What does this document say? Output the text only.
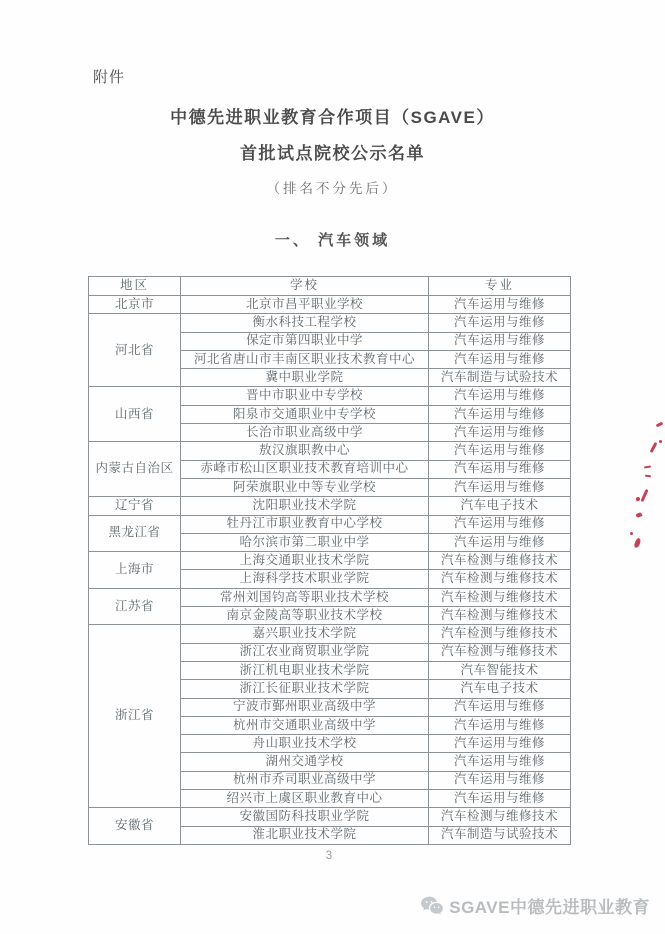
附件
中德先进职业教育合作项目（SGAVE）
首批试点院校公示名单
（排名不分先后）
一、 汽车领域
地区	学校	专业
北京市	北京市昌平职业学校	汽车运用与维修
河北省	衡水科技工程学校	汽车运用与维修
	保定市第四职业中学	汽车运用与维修
	河北省唐山市丰南区职业技术教育中心	汽车运用与维修
	冀中职业学院	汽车制造与试验技术
山西省	晋中市职业中专学校	汽车运用与维修
	阳泉市交通职业中专学校	汽车运用与维修
	长治市职业高级中学	汽车运用与维修
内蒙古自治区	敖汉旗职教中心	汽车运用与维修
	赤峰市松山区职业技术教育培训中心	汽车运用与维修
	阿荣旗职业中等专业学校	汽车运用与维修
辽宁省	沈阳职业技术学院	汽车电子技术
黑龙江省	牡丹江市职业教育中心学校	汽车运用与维修
	哈尔滨市第二职业中学	汽车运用与维修
上海市	上海交通职业技术学院	汽车检测与维修技术
	上海科学技术职业学院	汽车检测与维修技术
江苏省	常州刘国钧高等职业技术学校	汽车检测与维修技术
	南京金陵高等职业技术学校	汽车检测与维修技术
浙江省	嘉兴职业技术学院	汽车检测与维修技术
	浙江农业商贸职业学院	汽车检测与维修技术
	浙江机电职业技术学院	汽车智能技术
	浙江长征职业技术学院	汽车电子技术
	宁波市鄞州职业高级中学	汽车运用与维修
	杭州市交通职业高级中学	汽车运用与维修
	舟山职业技术学校	汽车运用与维修
	湖州交通学校	汽车运用与维修
	杭州市乔司职业高级中学	汽车运用与维修
	绍兴市上虞区职业教育中心	汽车运用与维修
安徽省	安徽国防科技职业学院	汽车检测与维修技术
	淮北职业技术学院	汽车制造与试验技术
3
SGAVE中德先进职业教育
